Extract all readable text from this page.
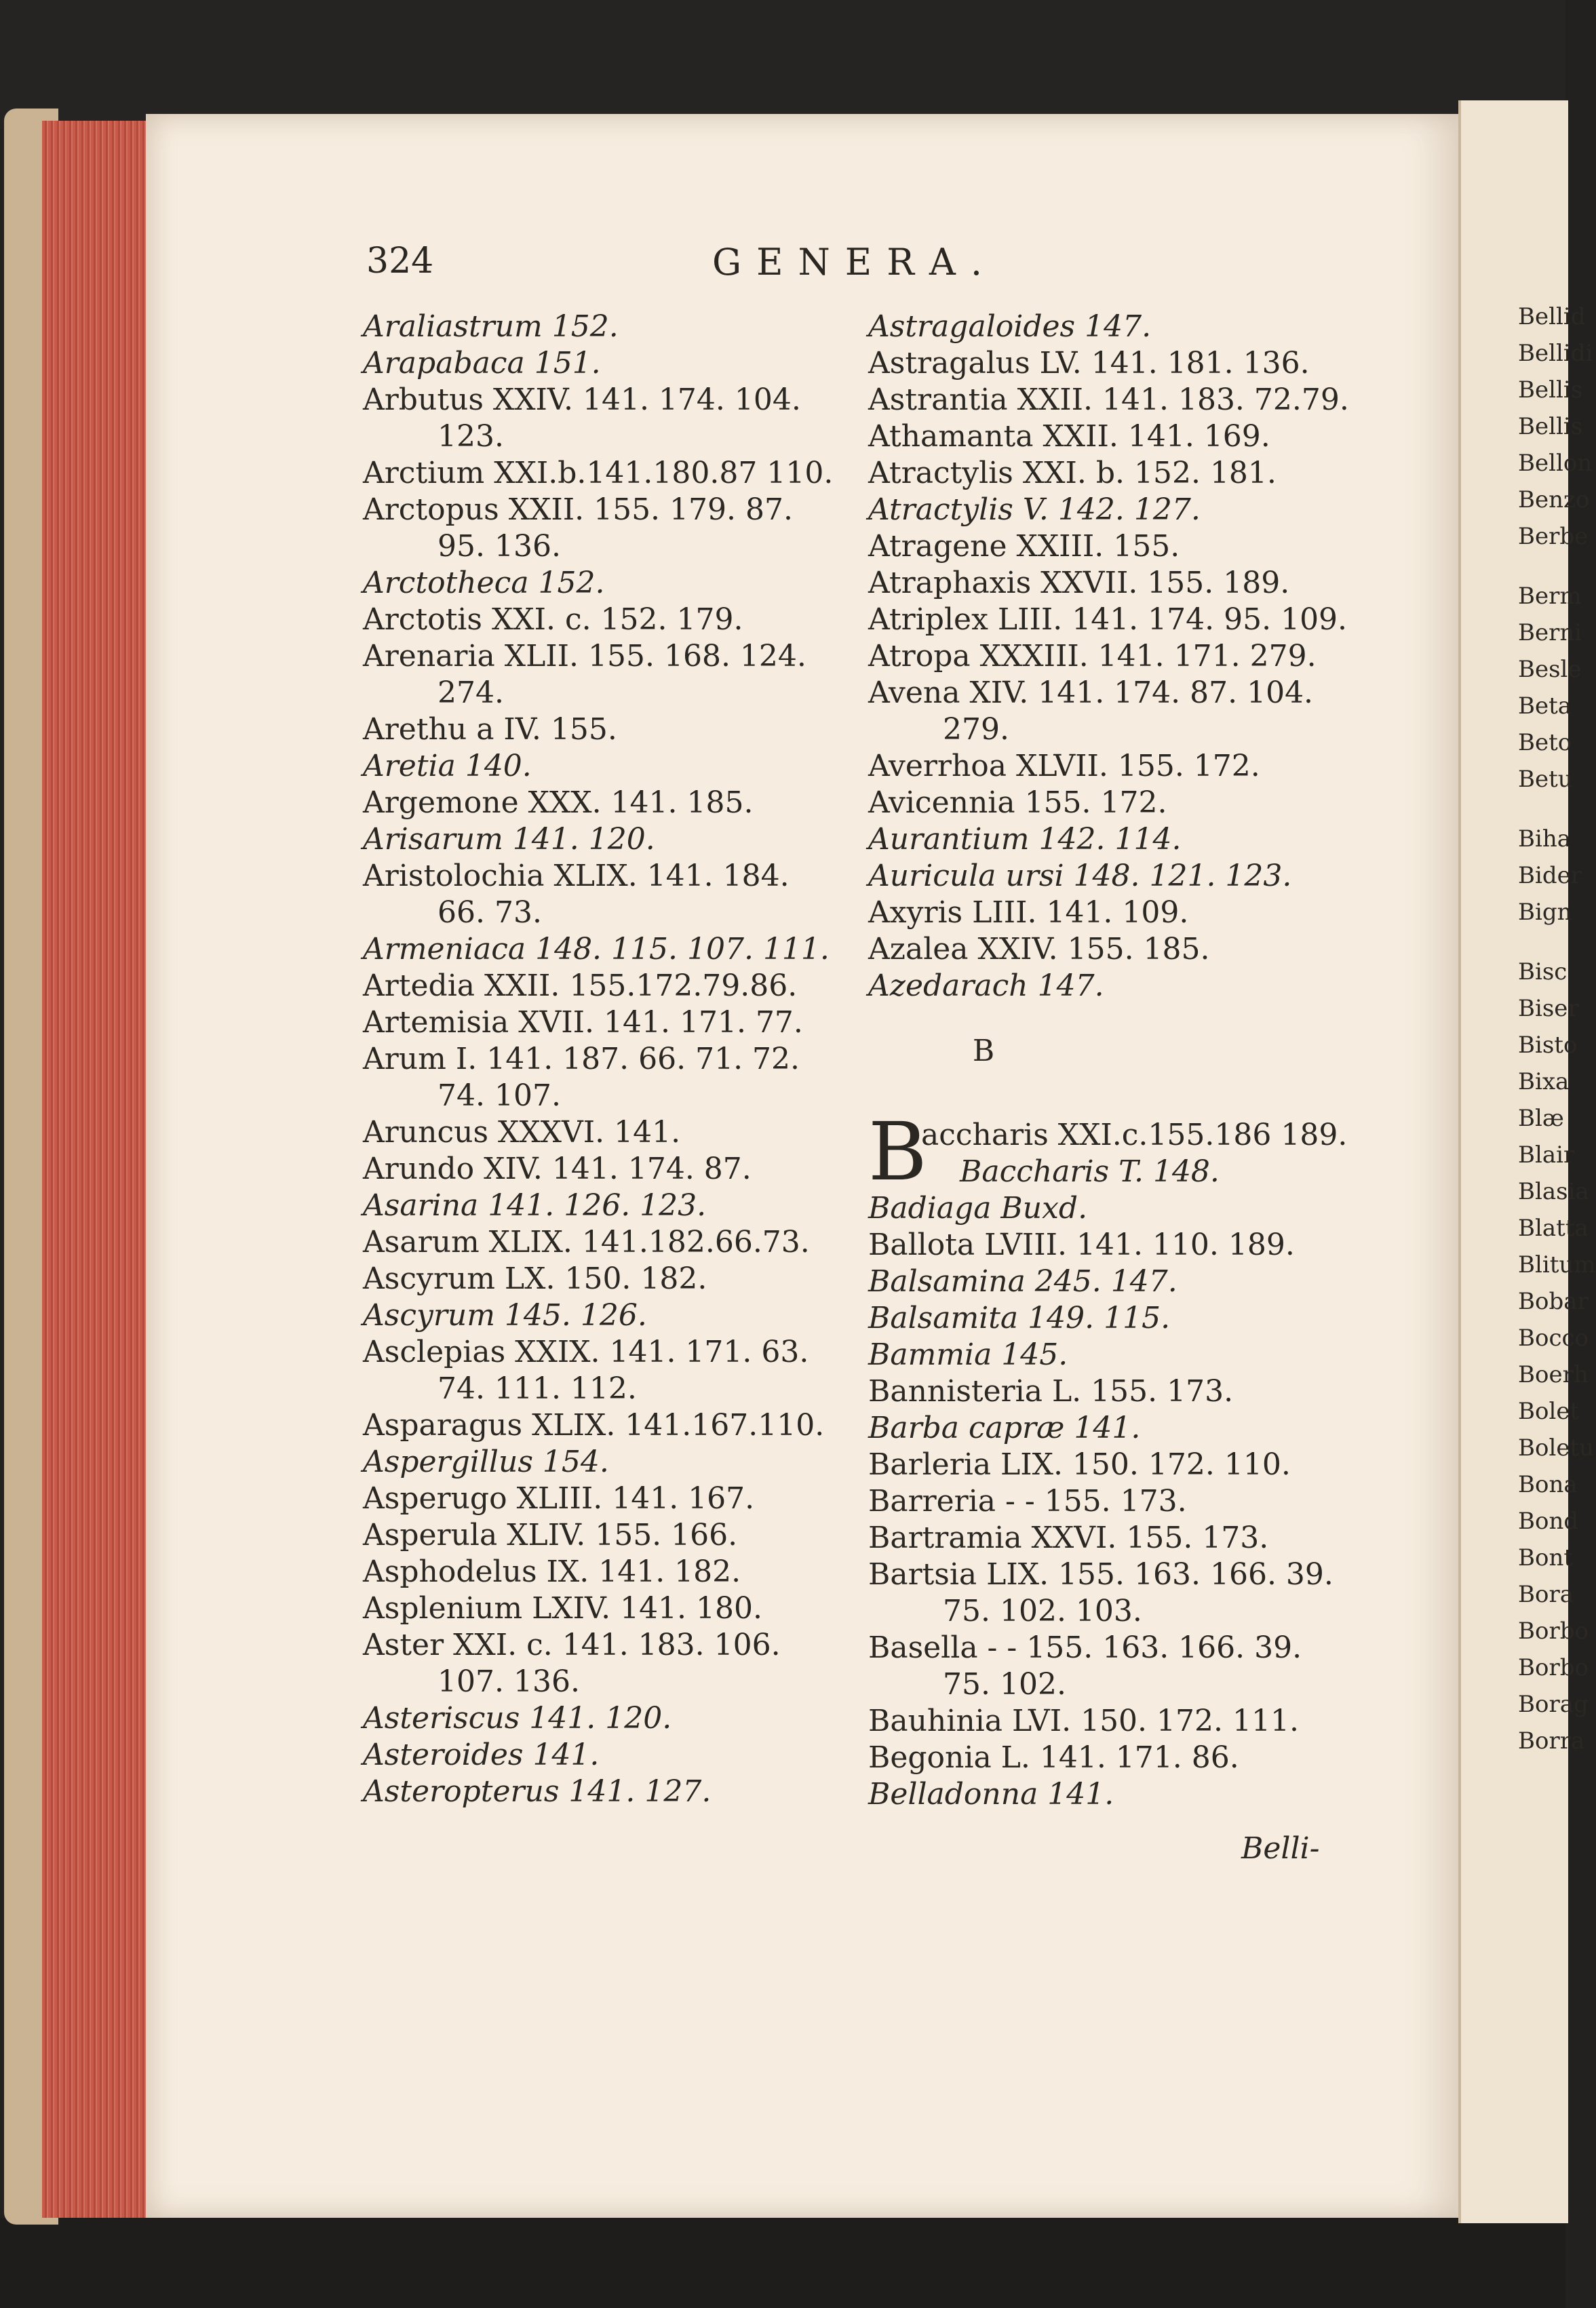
324	GENERA.
Araliastrum 152.
Arapabaca 151.
Arbutus XXIV. 141. 174. 104.
123.
Arctium XXI.b.141.180.87 110.
Arctopus XXII. 155. 179. 87.
95. 136.
Arctotheca 152.
Arctotis XXI. c. 152. 179.
Arenaria XLII. 155. 168. 124.
274.
Arethu a IV. 155.
Aretia 140.
Argemone XXX. 141. 185.
Arisarum 141. 120.
Aristolochia XLIX. 141. 184.
66. 73.
Armeniaca 148. 115. 107. 111.
Artedia XXII. 155.172.79.86.
Artemisia XVII. 141. 171. 77.
Arum I. 141. 187. 66. 71. 72.
74. 107.
Aruncus XXXVI. 141.
Arundo XIV. 141. 174. 87.
Asarina 141. 126. 123.
Asarum XLIX. 141.182.66.73.
Ascyrum LX. 150. 182.
Ascyrum 145. 126.
Asclepias XXIX. 141. 171. 63.
74. 111. 112.
Asparagus XLIX. 141.167.110.
Aspergillus 154.
Asperugo XLIII. 141. 167.
Asperula XLIV. 155. 166.
Asphodelus IX. 141. 182.
Asplenium LXIV. 141. 180.
Aster XXI. c. 141. 183. 106.
107. 136.
Asteriscus 141. 120.
Asteroides 141.
Asteropterus 141. 127.
Astragaloides 147.
Astragalus LV. 141. 181. 136.
Astrantia XXII. 141. 183. 72.79.
Athamanta XXII. 141. 169.
Atractylis XXI. b. 152. 181.
Atractylis V. 142. 127.
Atragene XXIII. 155.
Atraphaxis XXVII. 155. 189.
Atriplex LIII. 141. 174. 95. 109.
Atropa XXXIII. 141. 171. 279.
Avena XIV. 141. 174. 87. 104.
279.
Averrhoa XLVII. 155. 172.
Avicennia 155. 172.
Aurantium 142. 114.
Auricula ursi 148. 121. 123.
Axyris LIII. 141. 109.
Azalea XXIV. 155. 185.
Azedarach 147.
B
B
accharis XXI.c.155.186 189.
Baccharis T. 148.
Badiaga Buxd.
Ballota LVIII. 141. 110. 189.
Balsamina 245. 147.
Balsamita 149. 115.
Bammia 145.
Bannisteria L. 155. 173.
Barba capræ 141.
Barleria LIX. 150. 172. 110.
Barreria - - 155. 173.
Bartramia XXVI. 155. 173.
Bartsia LIX. 155. 163. 166. 39.
75. 102. 103.
Basella - - 155. 163. 166. 39.
75. 102.
Bauhinia LVI. 150. 172. 111.
Begonia L. 141. 171. 86.
Belladonna 141.
Belli-
Bellid
Bellidi
Bellis
Bellis
Bellon
Benzo
Berbe
Berm
Berni
Besle
Beta
Beto
Betu
Biha
Bider
Bign
Bisc
Biser
Bisto
Bixa
Blæ
Blair
Blasia
Blatta
Blitum
Bobar
Bocco
Boerh
Bolet
Boletu
Bona
Bond
Bont
Bora
Borbo
Borbo
Borag
Borra
